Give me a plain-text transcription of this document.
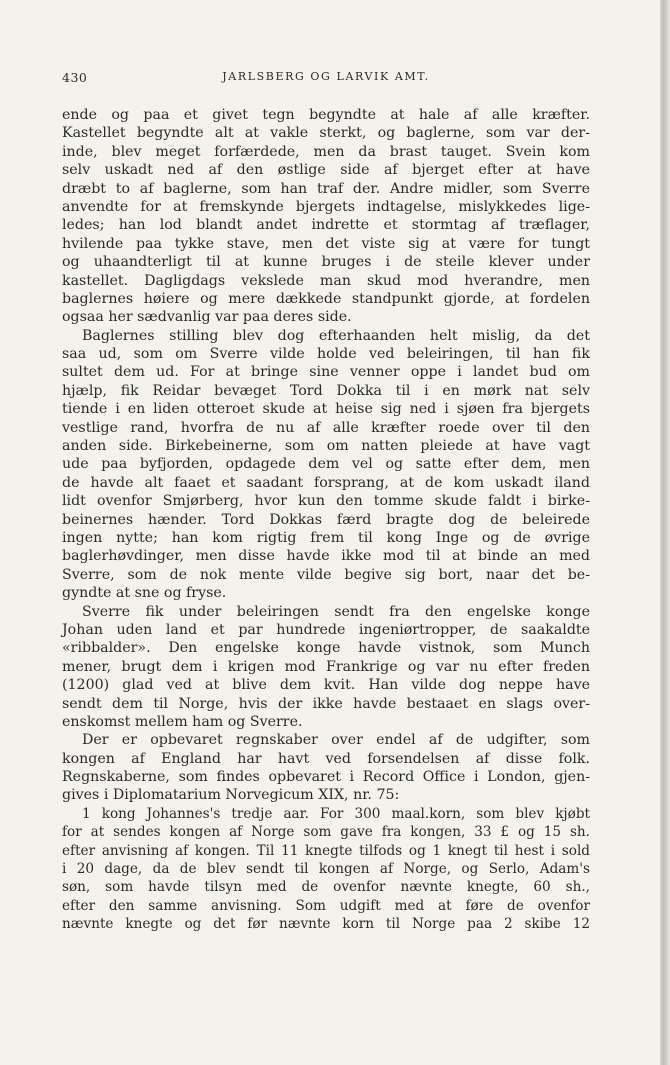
430	JARLSBERG OG LARVIK AMT.
ende og paa et givet tegn begyndte at hale af alle kræfter.
Kastellet begyndte alt at vakle sterkt, og baglerne, som var der-
inde, blev meget forfærdede, men da brast tauget. Svein kom
selv uskadt ned af den østlige side af bjerget efter at have
dræbt to af baglerne, som han traf der. Andre midler, som Sverre
anvendte for at fremskynde bjergets indtagelse, mislykkedes lige-
ledes; han lod blandt andet indrette et stormtag af træflager,
hvilende paa tykke stave, men det viste sig at være for tungt
og uhaandterligt til at kunne bruges i de steile klever under
kastellet. Dagligdags vekslede man skud mod hverandre, men
baglernes høiere og mere dækkede standpunkt gjorde, at fordelen
ogsaa her sædvanlig var paa deres side.
Baglernes stilling blev dog efterhaanden helt mislig, da det
saa ud, som om Sverre vilde holde ved beleiringen, til han fik
sultet dem ud. For at bringe sine venner oppe i landet bud om
hjælp, fik Reidar bevæget Tord Dokka til i en mørk nat selv
tiende i en liden otteroet skude at heise sig ned i sjøen fra bjergets
vestlige rand, hvorfra de nu af alle kræfter roede over til den
anden side. Birkebeinerne, som om natten pleiede at have vagt
ude paa byfjorden, opdagede dem vel og satte efter dem, men
de havde alt faaet et saadant forsprang, at de kom uskadt iland
lidt ovenfor Smjørberg, hvor kun den tomme skude faldt i birke-
beinernes hænder. Tord Dokkas færd bragte dog de beleirede
ingen nytte; han kom rigtig frem til kong Inge og de øvrige
baglerhøvdinger, men disse havde ikke mod til at binde an med
Sverre, som de nok mente vilde begive sig bort, naar det be-
gyndte at sne og fryse.
Sverre fik under beleiringen sendt fra den engelske konge
Johan uden land et par hundrede ingeniørtropper, de saakaldte
«ribbalder». Den engelske konge havde vistnok, som Munch
mener, brugt dem i krigen mod Frankrige og var nu efter freden
(1200) glad ved at blive dem kvit. Han vilde dog neppe have
sendt dem til Norge, hvis der ikke havde bestaaet en slags over-
enskomst mellem ham og Sverre.
Der er opbevaret regnskaber over endel af de udgifter, som
kongen af England har havt ved forsendelsen af disse folk.
Regnskaberne, som findes opbevaret i Record Office i London, gjen-
gives i Diplomatarium Norvegicum XIX, nr. 75:
1 kong Johannes's tredje aar. For 300 maal.korn, som blev kjøbt
for at sendes kongen af Norge som gave fra kongen, 33 £ og 15 sh.
efter anvisning af kongen. Til 11 knegte tilfods og 1 knegt til hest i sold
i 20 dage, da de blev sendt til kongen af Norge, og Serlo, Adam's
søn, som havde tilsyn med de ovenfor nævnte knegte, 60 sh.,
efter den samme anvisning. Som udgift med at føre de ovenfor
nævnte knegte og det før nævnte korn til Norge paa 2 skibe 12
